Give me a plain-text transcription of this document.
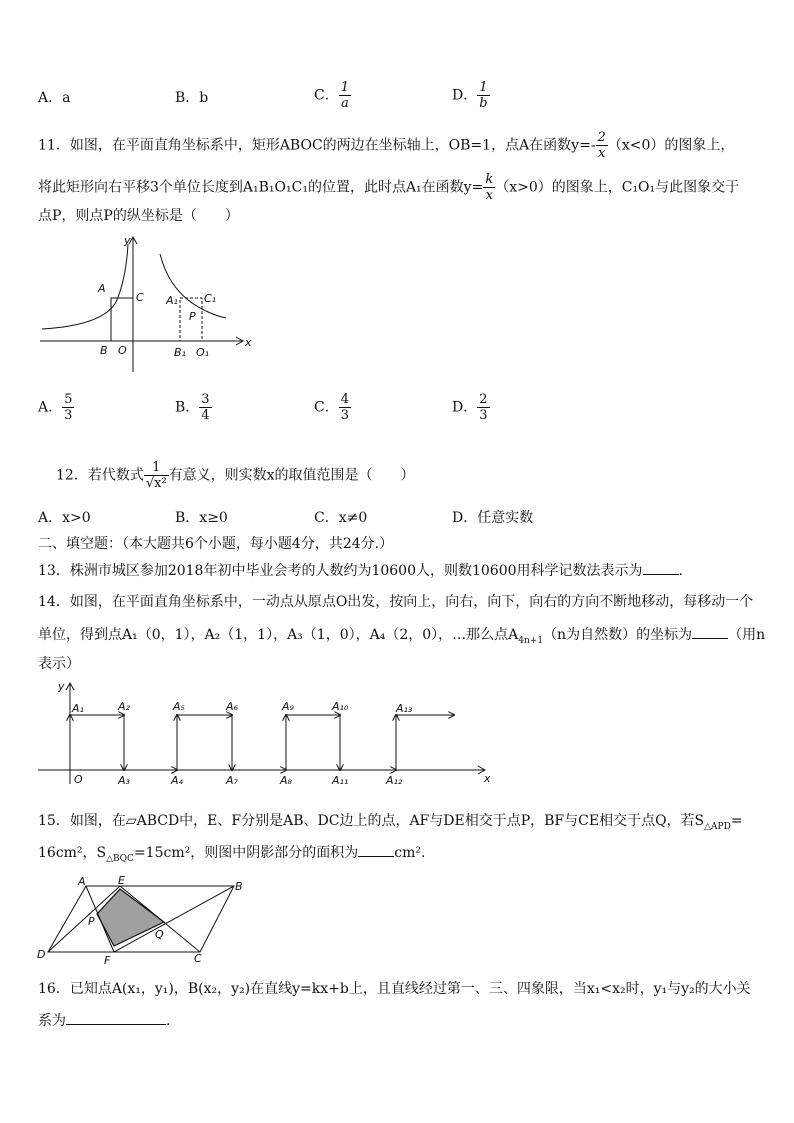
A．a	B．b	C． $\frac{1}{a}$	D． $\frac{1}{b}$
11．如图，在平面直角坐标系中，矩形ABOC的两边在坐标轴上，OB=1，点A在函数$y=- \frac{2}{x} (x<0)$的图象上，
将此矩形向右平移3个单位长度到A₁B₁O₁C₁的位置，此时点A₁在函数$y= \frac{k}{x} (x>0)$的图象上，C₁O₁与此图象交于
点P，则点P的纵坐标是（　　）
y
x
A
C
B O
A₁ C₁
P
B₁ O₁
A． $\frac{5}{3}$	B． $\frac{3}{4}$	C． $\frac{4}{3}$	D． $\frac{2}{3}$
12．若代数式 $\frac{1}{\text{√x²}}$ 有意义，则实数x的取值范围是（　　）
A．x>0	B．x≥0	C．x≠0	D．任意实数
二、填空题：（本大题共6个小题，每小题4分，共24分.）
13．株洲市城区参加2018年初中毕业会考的人数约为10600人，则数10600用科学记数法表示为	.
14．如图，在平面直角坐标系中，一动点从原点O出发，按向上，向右，向下，向右的方向不断地移动，每移动一个
单位，得到点A₁（0，1），A₂（1，1），A₃（1，0），A₄（2，0），…那么点$A_{4n+1}(n$为自然数）的坐标为	（用n
表示）
y
x
O
A₁	A₂
A₃	A₄
A₅	A₆
A₇	A₈
A₉	A₁₀
A₁₁	A₁₂
A₁₃
15．如图，在▱ABCD中，E、F分别是AB、DC边上的点，AF与DE相交于点P，BF与CE相交于点Q，若$S_{\triangle APD}=$
16cm²，$S_{\triangle BQC}=15cm^2$，则图中阴影部分的面积为	cm².
A	E	B
P
Q
D	F	C
16．已知点A(x₁，y₁)，B(x₂，y₂)在直线y=kx+b上，且直线经过第一、三、四象限，当x₁<x₂时，y₁与y₂的大小关
系为	.
